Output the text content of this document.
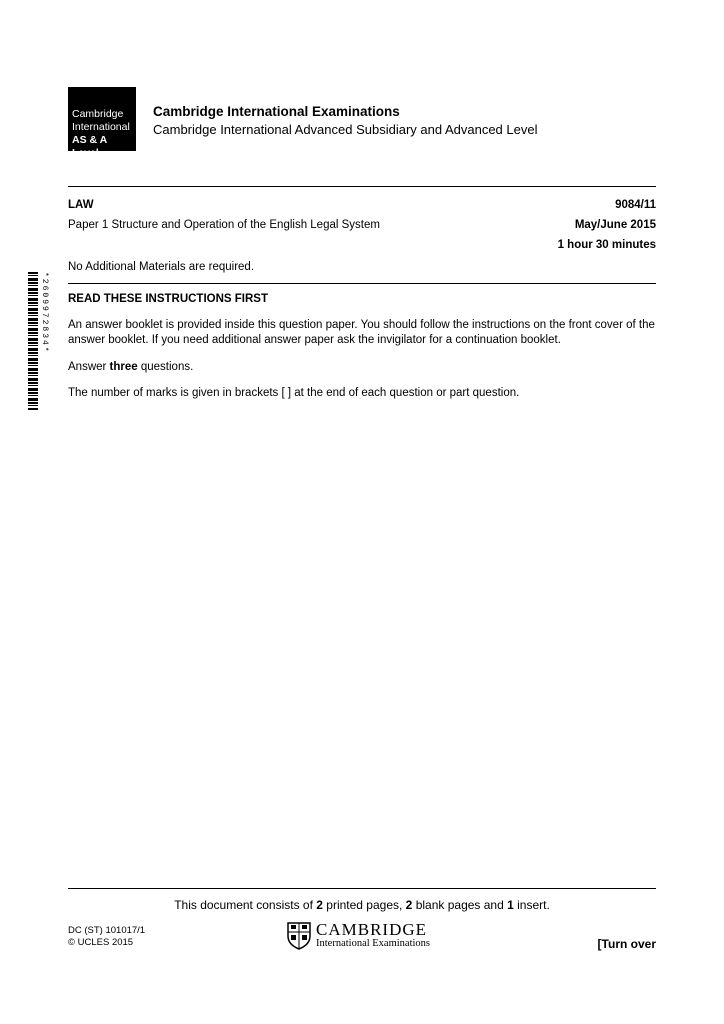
Cambridge
International
AS & A Level
Cambridge International Examinations
Cambridge International Advanced Subsidiary and Advanced Level
LAW	9084/11
Paper 1 Structure and Operation of the English Legal System	May/June 2015
1 hour 30 minutes
No Additional Materials are required.
*2609972834* READ THESE INSTRUCTIONS FIRST
An answer booklet is provided inside this question paper. You should follow the instructions on the front cover of the answer booklet. If you need additional answer paper ask the invigilator for a continuation booklet.
Answer three questions.
The number of marks is given in brackets [ ] at the end of each question or part question.
This document consists of 2 printed pages, 2 blank pages and 1 insert.
DC (ST) 101017/1
© UCLES 2015
CAMBRIDGE
International Examinations	[Turn over
